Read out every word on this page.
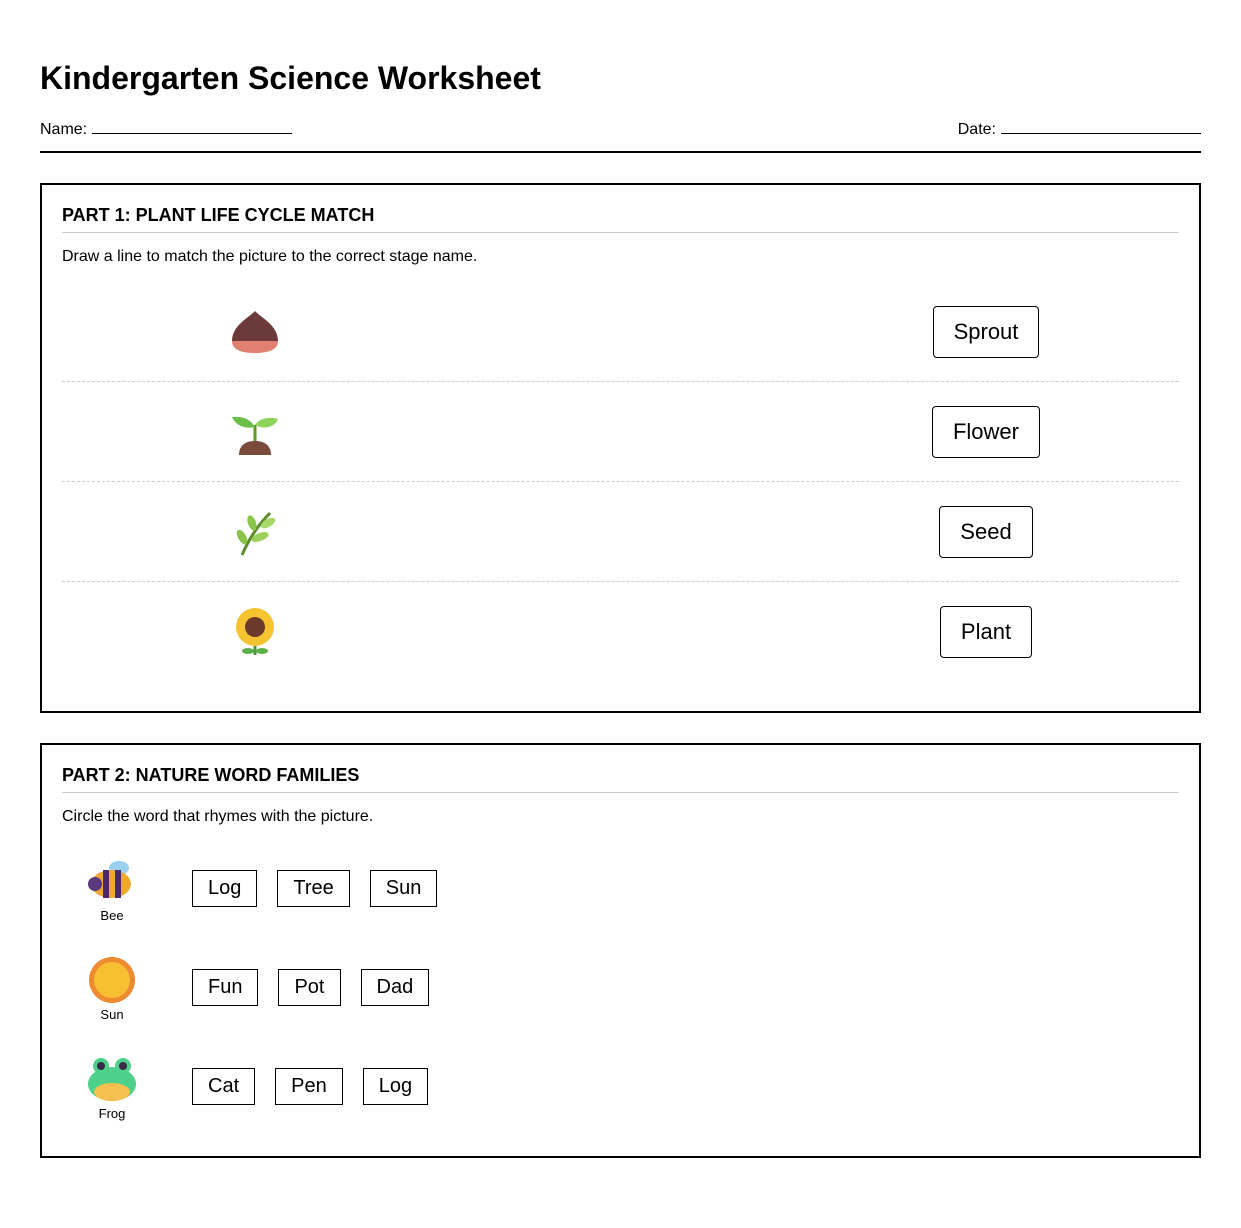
Kindergarten Science Worksheet
Name:	Date:
PART 1: PLANT LIFE CYCLE MATCH

Draw a line to match the picture to the correct stage name.

Sprout
Flower
Seed
Plant
PART 2: NATURE WORD FAMILIES

Circle the word that rhymes with the picture.

Bee
Log	Tree	Sun
Sun
Fun	Pot	Dad
Frog
Cat	Pen	Log
